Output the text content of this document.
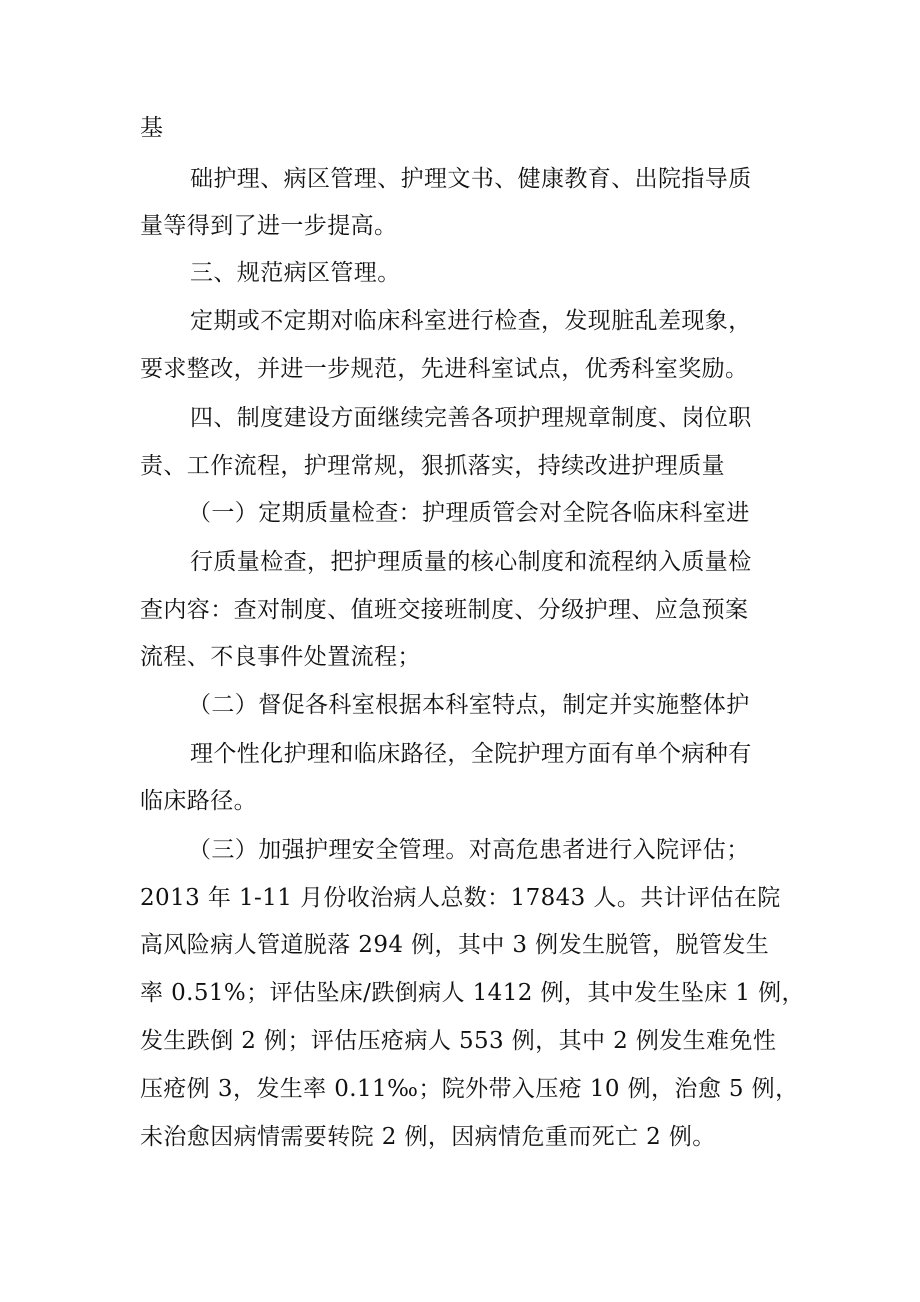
基
础护理、病区管理、护理文书、健康教育、出院指导质
量等得到了进一步提高。
三、规范病区管理。
定期或不定期对临床科室进行检查，发现脏乱差现象，
要求整改，并进一步规范，先进科室试点，优秀科室奖励。
四、制度建设方面继续完善各项护理规章制度、岗位职
责、工作流程，护理常规，狠抓落实，持续改进护理质量
（一）定期质量检查：护理质管会对全院各临床科室进
行质量检查，把护理质量的核心制度和流程纳入质量检
查内容：查对制度、值班交接班制度、分级护理、应急预案
流程、不良事件处置流程；
（二）督促各科室根据本科室特点，制定并实施整体护
理个性化护理和临床路径，全院护理方面有单个病种有
临床路径。
（三）加强护理安全管理。对高危患者进行入院评估；
2013 年 1-11 月份收治病人总数：17843 人。共计评估在院
高风险病人管道脱落 294 例，其中 3 例发生脱管，脱管发生
率 0.51%；评估坠床/跌倒病人 1412 例，其中发生坠床 1 例，
发生跌倒 2 例；评估压疮病人 553 例，其中 2 例发生难免性
压疮例 3，发生率 0.11‰；院外带入压疮 10 例，治愈 5 例，
未治愈因病情需要转院 2 例，因病情危重而死亡 2 例。
